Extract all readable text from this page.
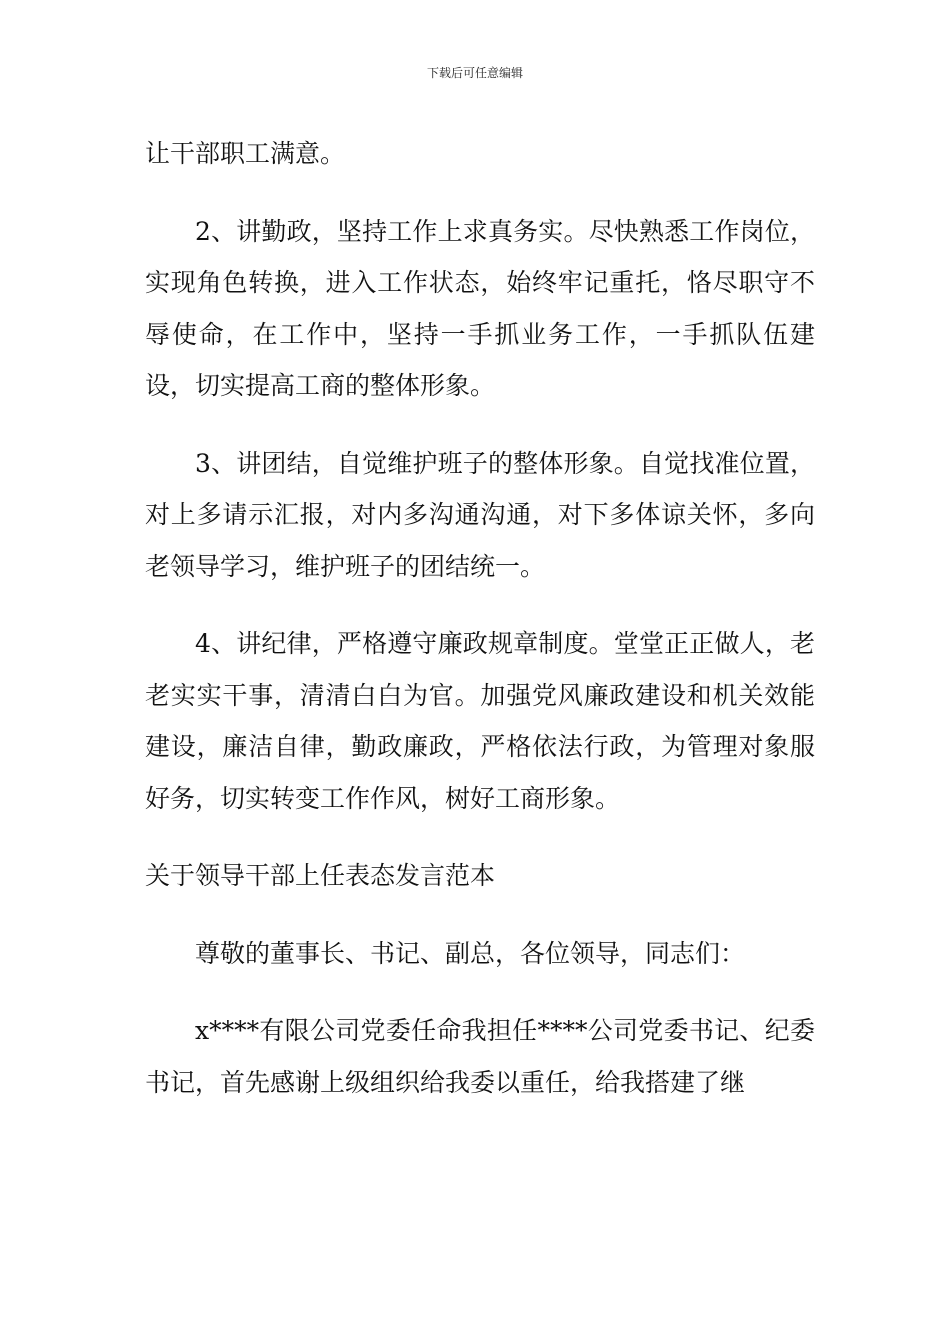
下载后可任意编辑

让干部职工满意。

2、讲勤政，坚持工作上求真务实。尽快熟悉工作岗位，实现角色转换，进入工作状态，始终牢记重托，恪尽职守不辱使命，在工作中，坚持一手抓业务工作，一手抓队伍建设，切实提高工商的整体形象。

3、讲团结，自觉维护班子的整体形象。自觉找准位置，对上多请示汇报，对内多沟通沟通，对下多体谅关怀，多向老领导学习，维护班子的团结统一。

4、讲纪律，严格遵守廉政规章制度。堂堂正正做人，老老实实干事，清清白白为官。加强党风廉政建设和机关效能建设，廉洁自律，勤政廉政，严格依法行政，为管理对象服好务，切实转变工作作风，树好工商形象。

关于领导干部上任表态发言范本

尊敬的董事长、书记、副总，各位领导，同志们：

x****有限公司党委任命我担任****公司党委书记、纪委书记，首先感谢上级组织给我委以重任，给我搭建了继
